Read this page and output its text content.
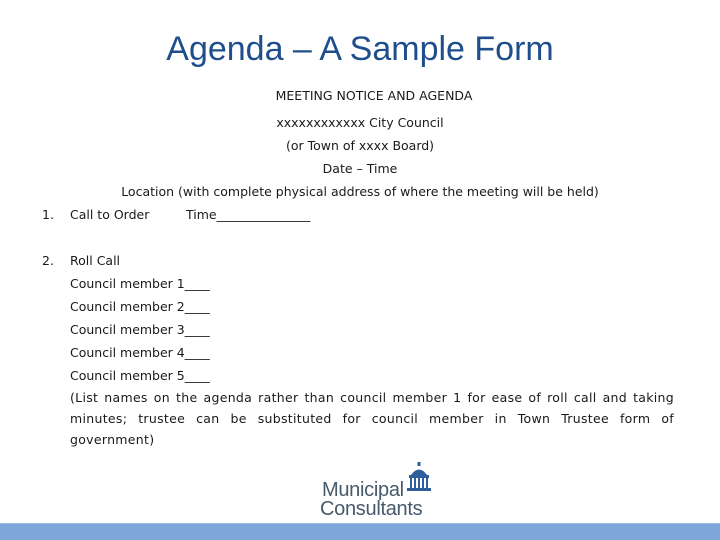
Agenda – A Sample Form
MEETING NOTICE AND AGENDA
xxxxxxxxxxxx City Council
(or Town of xxxx Board)
Date – Time
Location (with complete physical address of where the meeting will be held)
1. Call to Order	Time_______________
2. Roll Call
Council member 1____
Council member 2____
Council member 3____
Council member 4____
Council member 5____
(List names on the agenda rather than council member 1 for ease of roll call and taking minutes; trustee can be substituted for council member in Town Trustee form of government)
Municipal
Consultants
